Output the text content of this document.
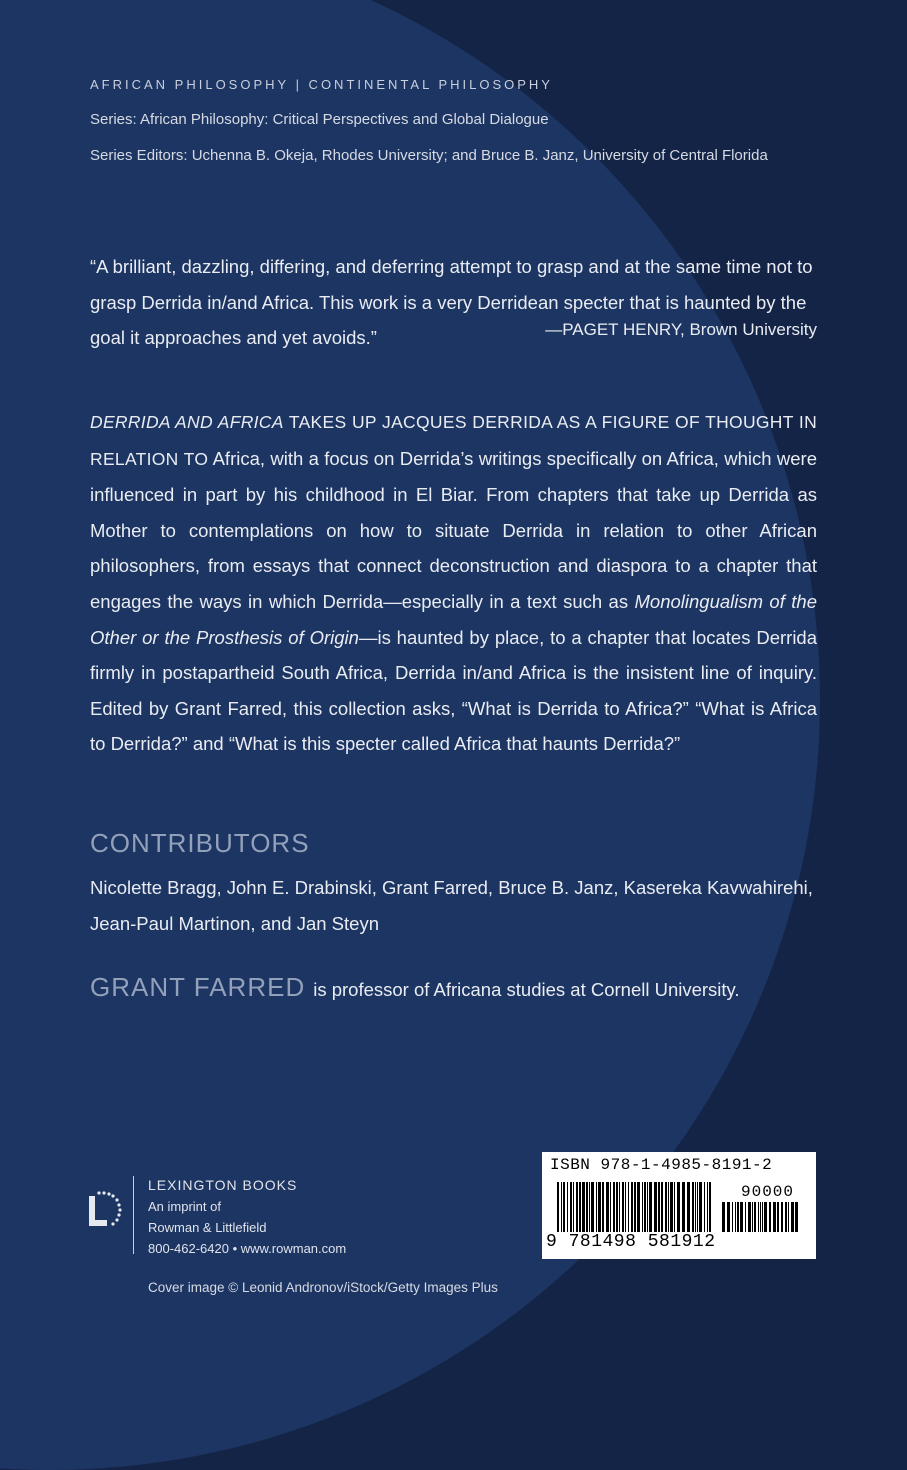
AFRICAN PHILOSOPHY | CONTINENTAL PHILOSOPHY
Series: African Philosophy: Critical Perspectives and Global Dialogue
Series Editors: Uchenna B. Okeja, Rhodes University; and Bruce B. Janz, University of Central Florida

“A brilliant, dazzling, differing, and deferring attempt to grasp and at the same time not to grasp Derrida in/and Africa. This work is a very Derridean specter that is haunted by the goal it approaches and yet avoids.”	—PAGET HENRY, Brown University

DERRIDA AND AFRICA TAKES UP JACQUES DERRIDA AS A FIGURE OF THOUGHT IN RELATION TO Africa, with a focus on Derrida’s writings specifically on Africa, which were influenced in part by his childhood in El Biar. From chapters that take up Derrida as Mother to contemplations on how to situate Derrida in relation to other African philosophers, from essays that connect deconstruction and diaspora to a chapter that engages the ways in which Derrida—especially in a text such as Monolingualism of the Other or the Prosthesis of Origin—is haunted by place, to a chapter that locates Derrida firmly in postapartheid South Africa, Derrida in/and Africa is the insistent line of inquiry. Edited by Grant Farred, this collection asks, “What is Derrida to Africa?” “What is Africa to Derrida?” and “What is this specter called Africa that haunts Derrida?”

CONTRIBUTORS

Nicolette Bragg, John E. Drabinski, Grant Farred, Bruce B. Janz, Kasereka Kavwahirehi, Jean-Paul Martinon, and Jan Steyn

GRANT FARRED is professor of Africana studies at Cornell University.
LEXINGTON BOOKS
An imprint of
Rowman & Littlefield
800-462-6420 • www.rowman.com
Cover image © Leonid Andronov/iStock/Getty Images Plus
ISBN 978-1-4985-8191-2
90000
9 781498 581912
